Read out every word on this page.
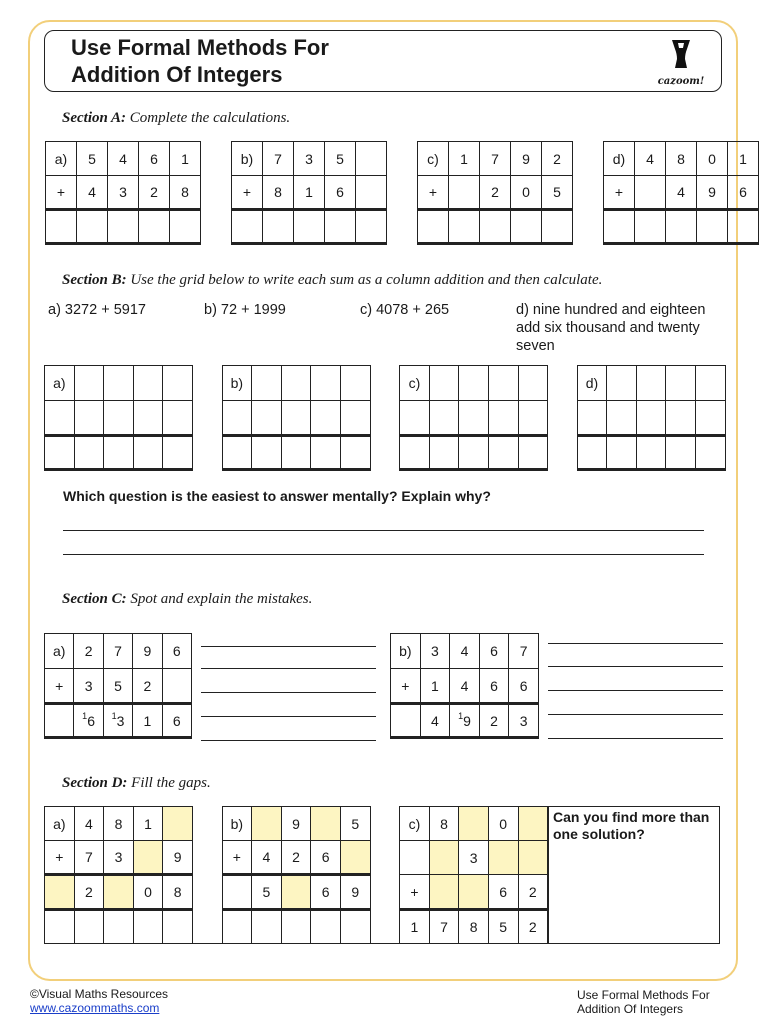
Use Formal Methods For
Addition Of Integers	cazoom!
Section A: Complete the calculations.
a)	5	4	6	1		b)	7	3	5			c)	1	7	9	2		d)	4	8	0	1
+	4	3	2	8		+	8	1	6			+		2	0	5		+		4	9	6

Section B: Use the grid below to write each sum as a column addition and then calculate.
a) 3272 + 5917	b) 72 + 1999	c) 4078 + 265	d) nine hundred and eighteen add six thousand and twenty seven
a)						b)						c)						d)				

Which question is the easiest to answer mentally? Explain why?
Section C: Spot and explain the mistakes.
a)	2	7	9	6
+	3	5	2	
	$^1$6	$^1$3	1	6
b)	3	4	6	7
+	1	4	6	6
	4	$^1$9	2	3
Section D: Fill the gaps.
a)	4	8	1			b)		9		5		c)	8		0	
+	7	3		9		+	4	2	6					3		
	2		0	8			5		6	9		+			6	2
												1	7	8	5	2
Can you find more than one solution?
©Visual Maths Resources
www.cazoommaths.com
Use Formal Methods For
Addition Of Integers
